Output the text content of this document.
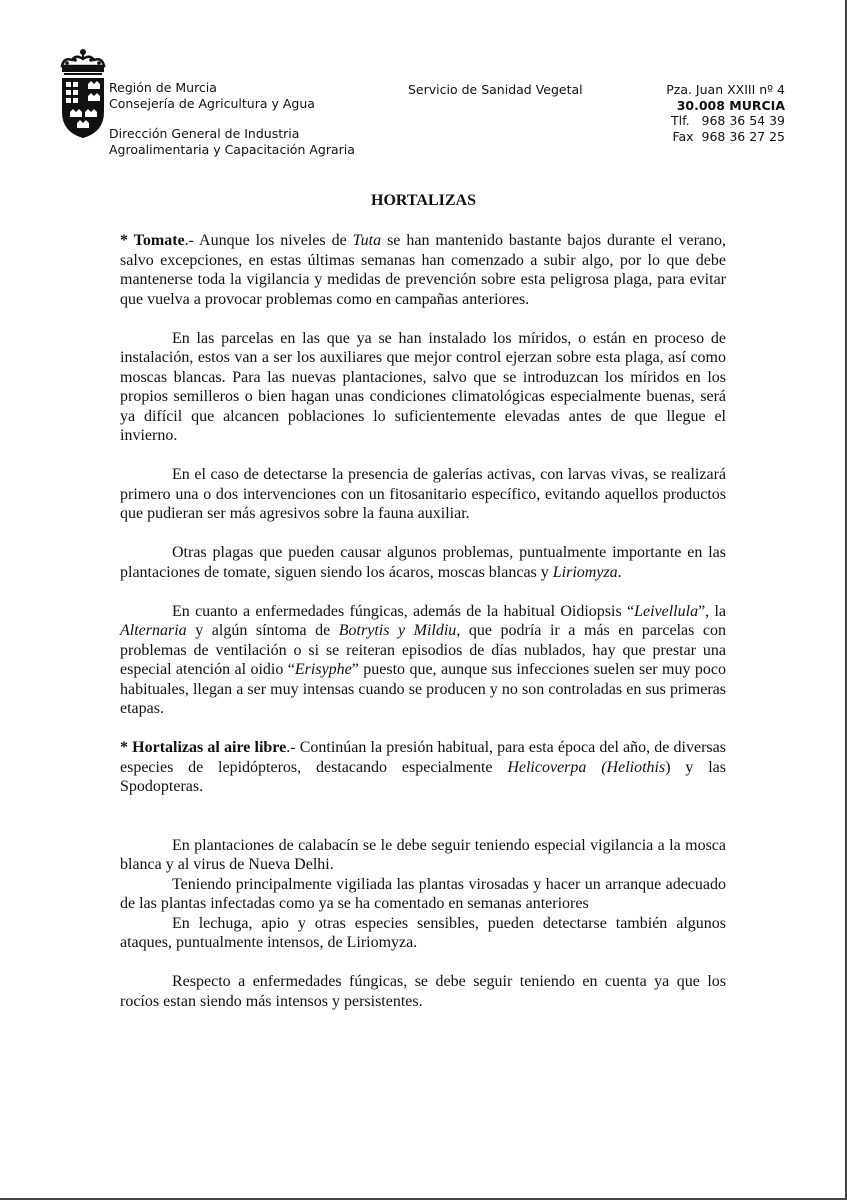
Región de Murcia
Consejería de Agricultura y Agua
Dirección General de Industria
Agroalimentaria y Capacitación Agraria
Servicio de Sanidad Vegetal	Pza. Juan XXIII nº 4
30.008 MURCIA
Tlf.   968 36 54 39
Fax  968 36 27 25
HORTALIZAS

* Tomate.- Aunque los niveles de Tuta se han mantenido bastante bajos durante el verano, salvo excepciones, en estas últimas semanas han comenzado a subir algo, por lo que debe mantenerse toda la vigilancia y medidas de prevención sobre esta peligrosa plaga, para evitar que vuelva a provocar problemas como en campañas anteriores.

En las parcelas en las que ya se han instalado los míridos, o están en proceso de instalación, estos van a ser los auxiliares que mejor control ejerzan sobre esta plaga, así como moscas blancas. Para las nuevas plantaciones, salvo que se introduzcan los míridos en los propios semilleros o bien hagan unas condiciones climatológicas especialmente buenas, será ya difícil que alcancen poblaciones lo suficientemente elevadas antes de que llegue el invierno.

En el caso de detectarse la presencia de galerías activas, con larvas vivas, se realizará primero una o dos intervenciones con un fitosanitario específico, evitando aquellos productos que pudieran ser más agresivos sobre la fauna auxiliar.

Otras plagas que pueden causar algunos problemas, puntualmente importante en las plantaciones de tomate, siguen siendo los ácaros, moscas blancas y Liriomyza.

En cuanto a enfermedades fúngicas, además de la habitual Oidiopsis “Leivellula”, la Alternaria y algún síntoma de Botrytis y Mildiu, que podría ir a más en parcelas con problemas de ventilación o si se reiteran episodios de días nublados, hay que prestar una especial atención al oidio “Erisyphe” puesto que, aunque sus infecciones suelen ser muy poco habituales, llegan a ser muy intensas cuando se producen y no son controladas en sus primeras etapas.

* Hortalizas al aire libre.- Continúan la presión habitual, para esta época del año, de diversas especies de lepidópteros, destacando especialmente Helicoverpa (Heliothis) y las Spodopteras.

En plantaciones de calabacín se le debe seguir teniendo especial vigilancia a la mosca blanca y al virus de Nueva Delhi.

Teniendo principalmente vigiliada las plantas virosadas y hacer un arranque adecuado de las plantas infectadas como ya se ha comentado en semanas anteriores

En lechuga, apio y otras especies sensibles, pueden detectarse también algunos ataques, puntualmente intensos, de Liriomyza.

Respecto a enfermedades fúngicas, se debe seguir teniendo en cuenta ya que los rocíos estan siendo más intensos y persistentes.
